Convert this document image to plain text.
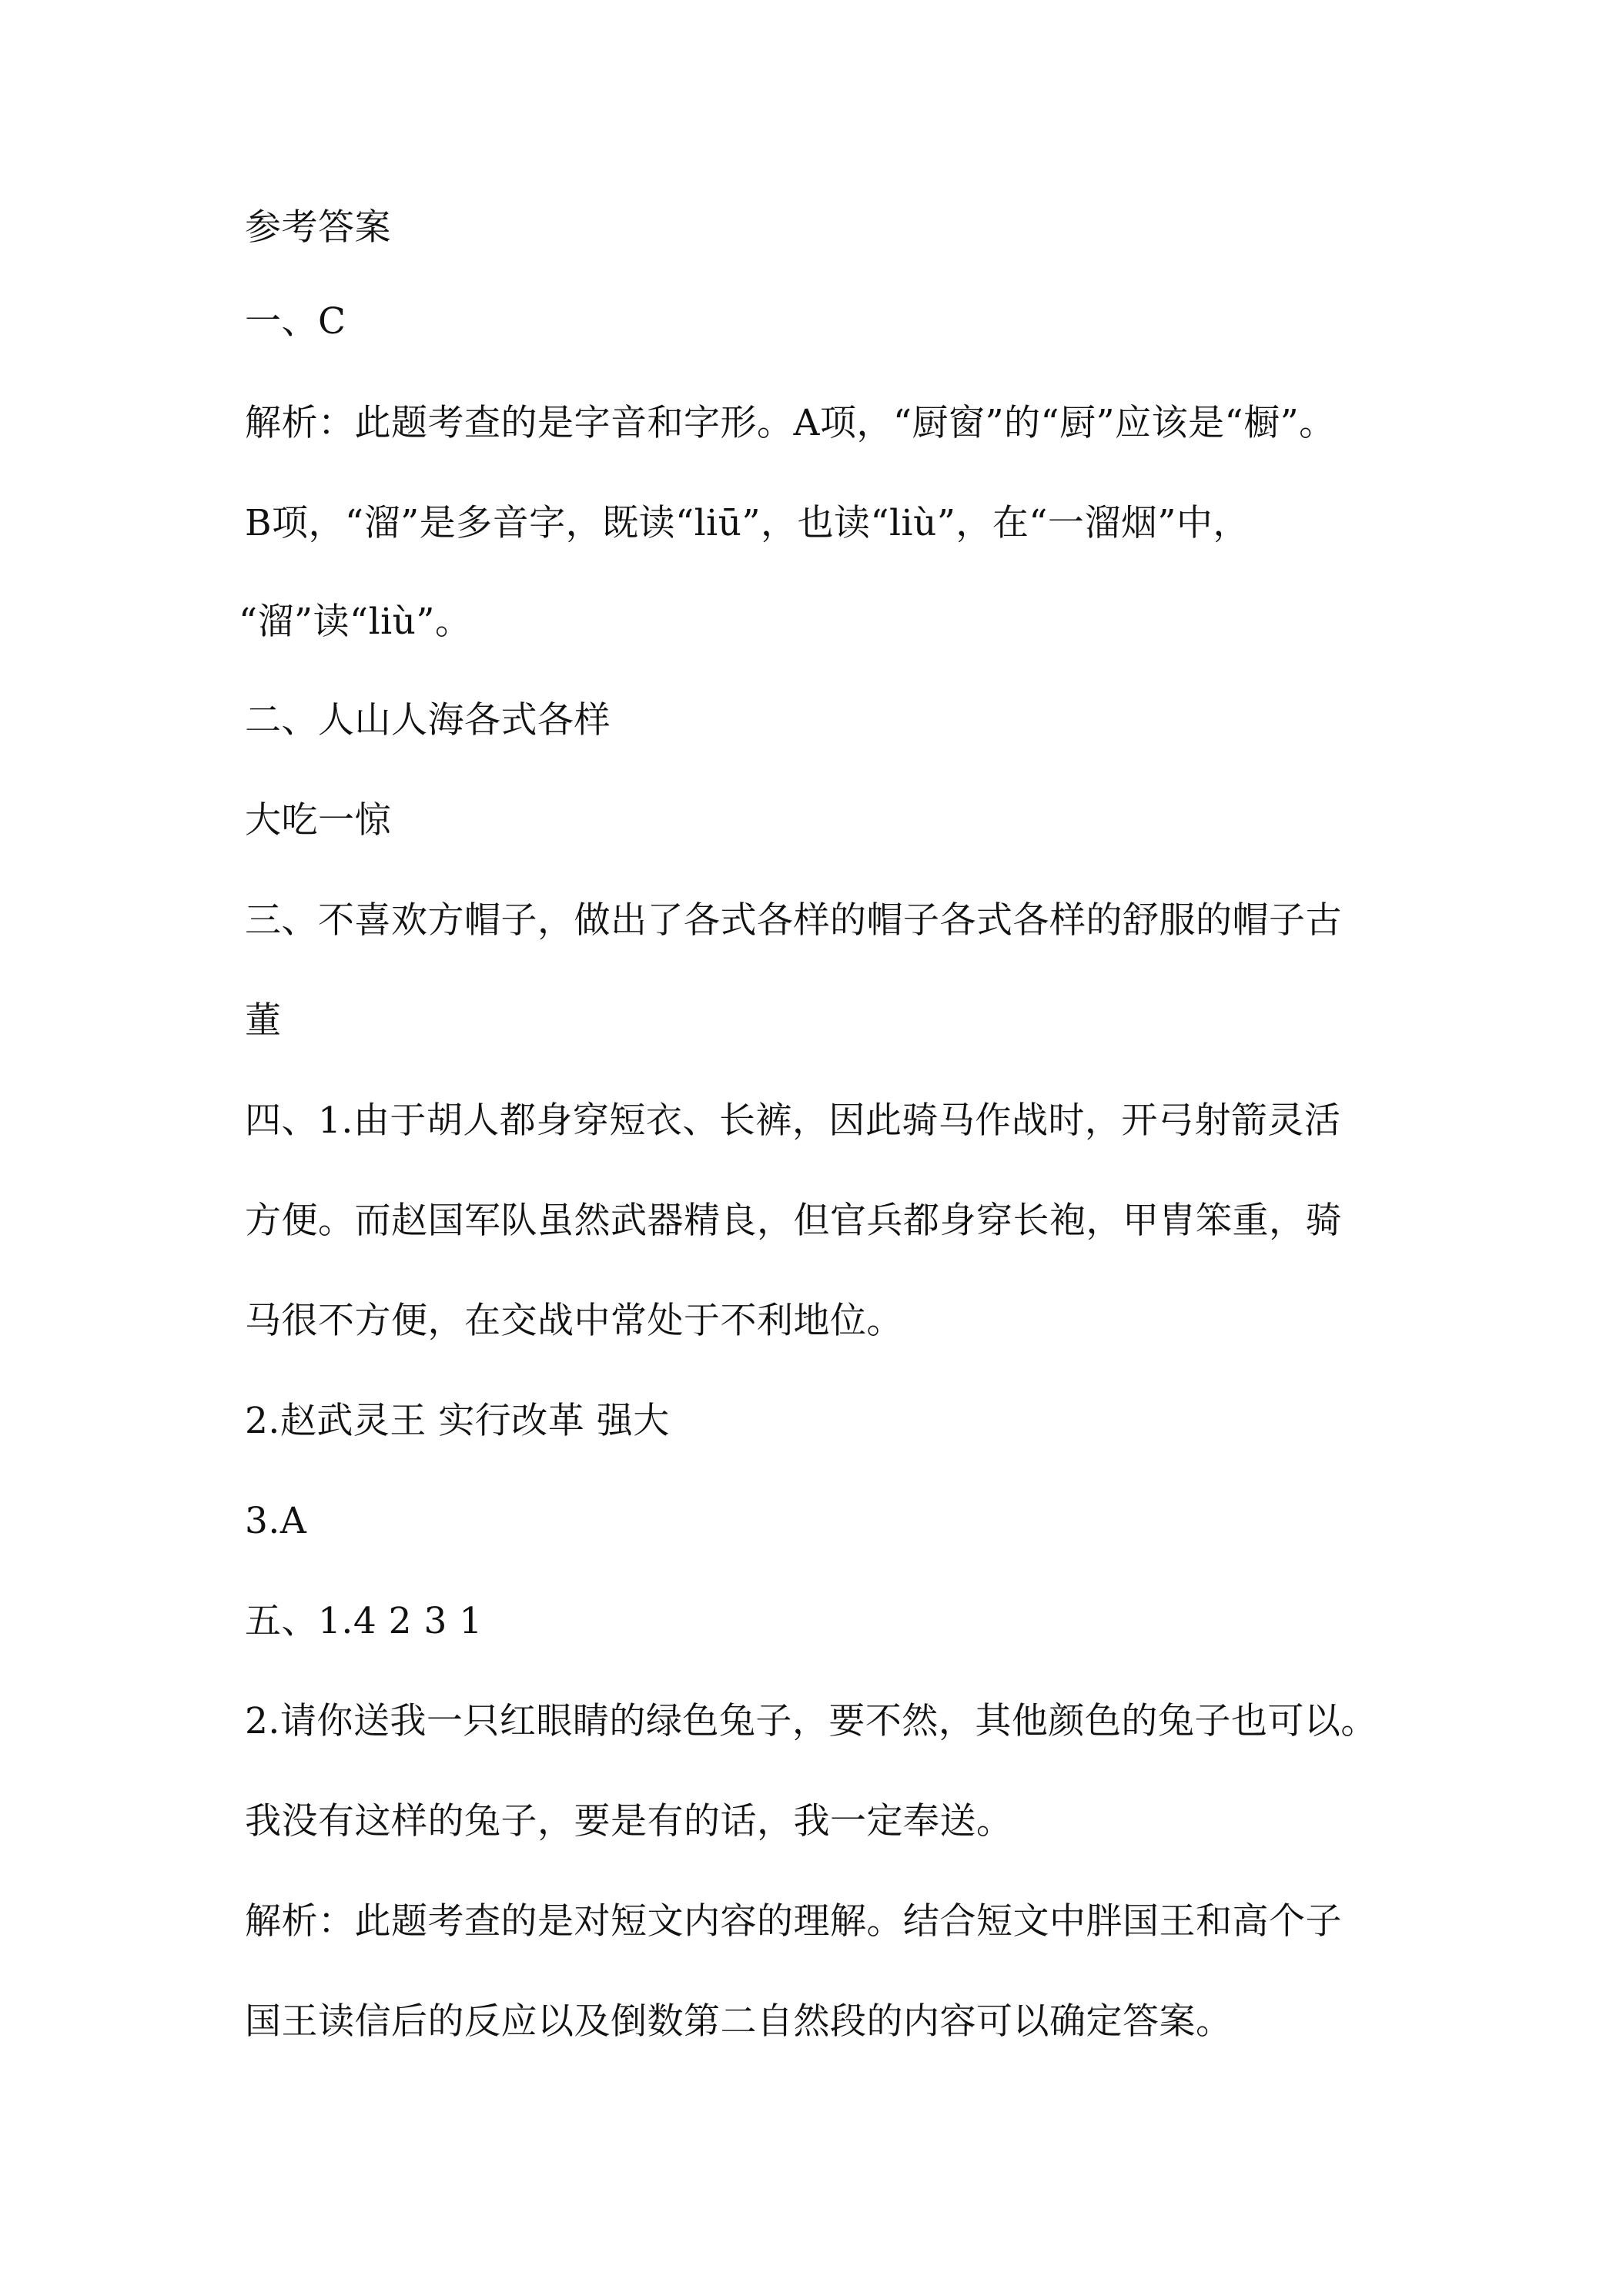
参考答案
一、C
解析：此题考查的是字音和字形。A项，“厨窗”的“厨”应该是“橱”。
B项，“溜”是多音字，既读“liū”，也读“liù”，在“一溜烟”中，
“溜”读“liù”。
二、人山人海各式各样
大吃一惊
三、不喜欢方帽子，做出了各式各样的帽子各式各样的舒服的帽子古
董
四、1.由于胡人都身穿短衣、长裤，因此骑马作战时，开弓射箭灵活
方便。而赵国军队虽然武器精良，但官兵都身穿长袍，甲胄笨重，骑
马很不方便，在交战中常处于不利地位。
2.赵武灵王 实行改革 强大
3.A
五、1.4 2 3 1
2.请你送我一只红眼睛的绿色兔子，要不然，其他颜色的兔子也可以。
我没有这样的兔子，要是有的话，我一定奉送。
解析：此题考查的是对短文内容的理解。结合短文中胖国王和高个子
国王读信后的反应以及倒数第二自然段的内容可以确定答案。
